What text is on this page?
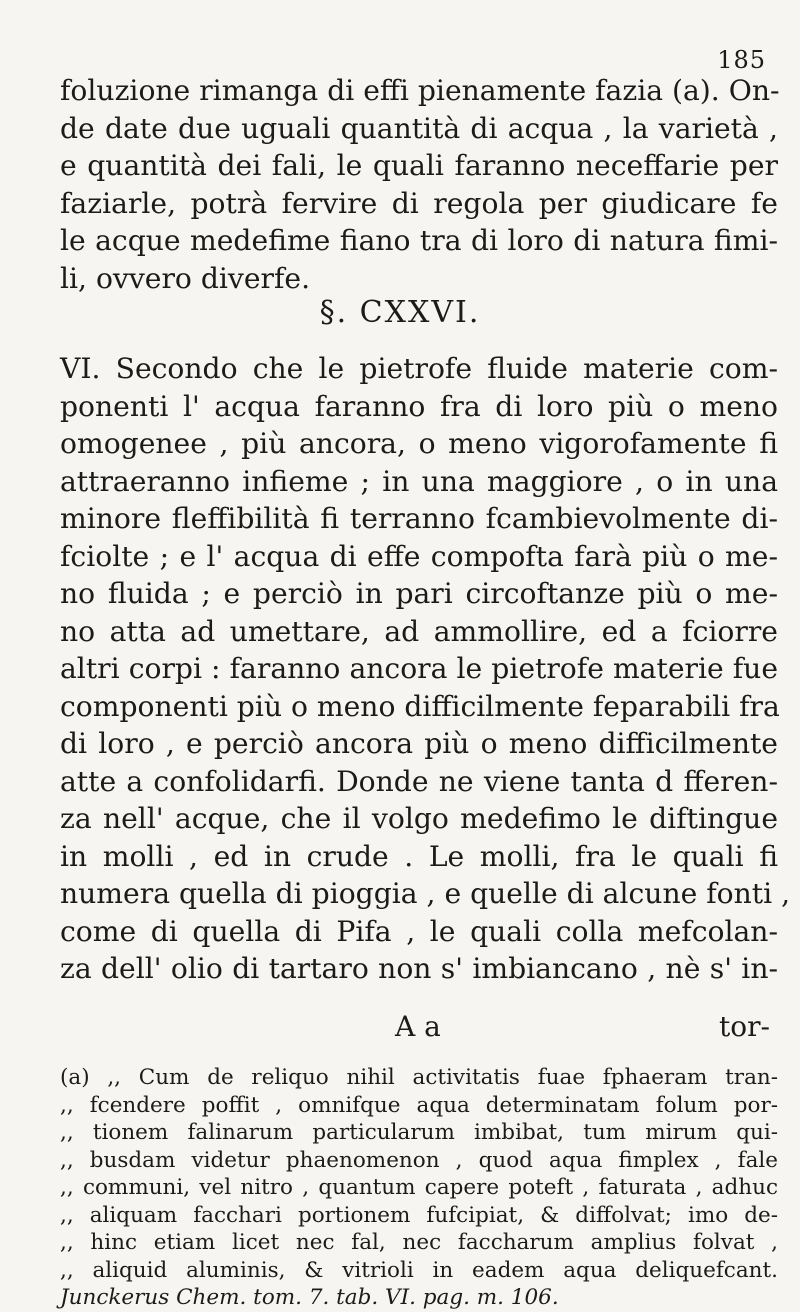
185
foluzione rimanga di effi pienamente fazia (a). On-
de date due uguali quantità di acqua , la varietà ,
e quantità dei fali, le quali faranno neceffarie per
faziarle, potrà fervire di regola per giudicare fe
le acque medefime fiano tra di loro di natura fimi-
li, ovvero diverfe.
§. CXXVI.
VI. Secondo che le pietrofe fluide materie com-
ponenti l' acqua faranno fra di loro più o meno
omogenee , più ancora, o meno vigorofamente fi
attraeranno infieme ; in una maggiore , o in una
minore fleffibilità fi terranno fcambievolmente di-
fciolte ; e l' acqua di effe compofta farà più o me-
no fluida ; e perciò in pari circoftanze più o me-
no atta ad umettare, ad ammollire, ed a fciorre
altri corpi : faranno ancora le pietrofe materie fue
componenti più o meno difficilmente feparabili fra
di loro , e perciò ancora più o meno difficilmente
atte a confolidarfi. Donde ne viene tanta d fferen-
za nell' acque, che il volgo medefimo le diftingue
in molli , ed in crude . Le molli, fra le quali fi
numera quella di pioggia , e quelle di alcune fonti ,
come di quella di Pifa , le quali colla mefcolan-
za dell' olio di tartaro non s' imbiancano , nè s' in-
A a	tor-
(a) ,, Cum de reliquo nihil activitatis fuae fphaeram tran-
,, fcendere poffit , omnifque aqua determinatam folum por-
,, tionem falinarum particularum imbibat, tum mirum qui-
,, busdam videtur phaenomenon , quod aqua fimplex , fale
,, communi, vel nitro , quantum capere poteft , faturata , adhuc
,, aliquam facchari portionem fufcipiat, & diffolvat; imo de-
,, hinc etiam licet nec fal, nec faccharum amplius folvat ,
,, aliquid aluminis, & vitrioli in eadem aqua deliquefcant.
Junckerus Chem. tom. 7. tab. VI. pag. m. 106.
